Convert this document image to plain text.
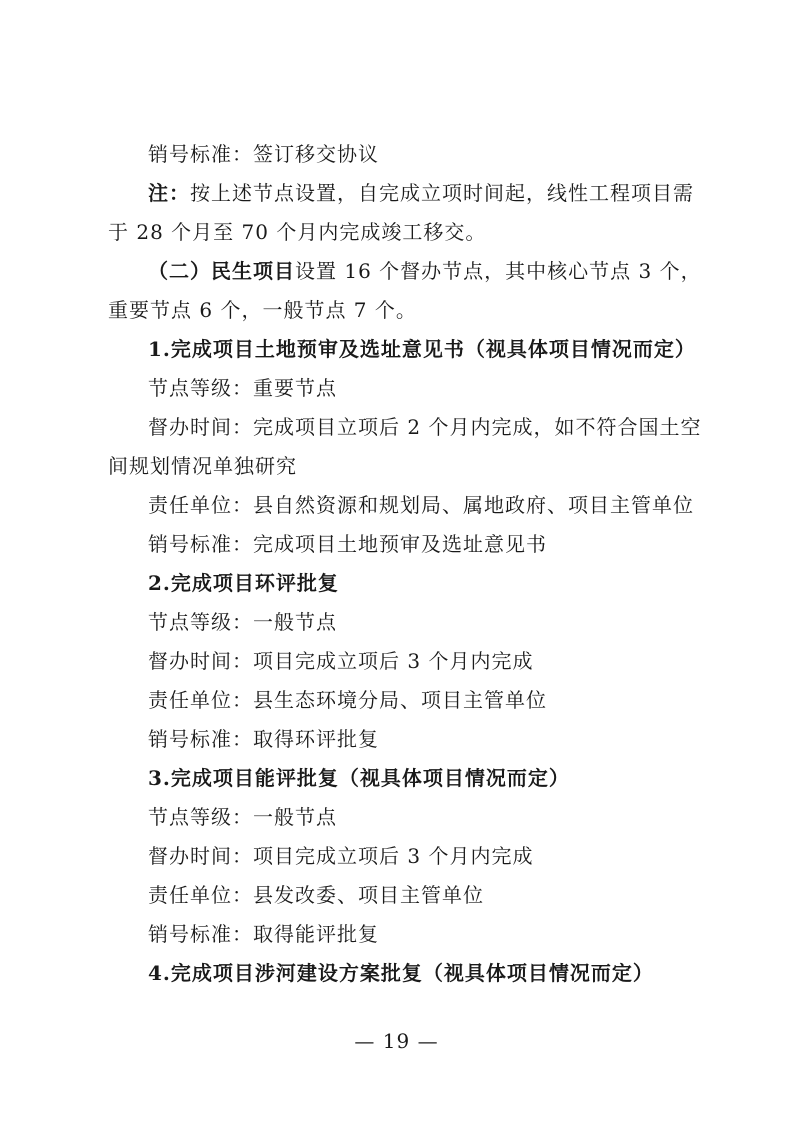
销号标准：签订移交协议
注：按上述节点设置，自完成立项时间起，线性工程项目需
于 28 个月至 70 个月内完成竣工移交。
（二）民生项目设置 16 个督办节点，其中核心节点 3 个，
重要节点 6 个，一般节点 7 个。
1.完成项目土地预审及选址意见书（视具体项目情况而定）
节点等级：重要节点
督办时间：完成项目立项后 2 个月内完成，如不符合国土空
间规划情况单独研究
责任单位：县自然资源和规划局、属地政府、项目主管单位
销号标准：完成项目土地预审及选址意见书
2.完成项目环评批复
节点等级：一般节点
督办时间：项目完成立项后 3 个月内完成
责任单位：县生态环境分局、项目主管单位
销号标准：取得环评批复
3.完成项目能评批复（视具体项目情况而定）
节点等级：一般节点
督办时间：项目完成立项后 3 个月内完成
责任单位：县发改委、项目主管单位
销号标准：取得能评批复
4.完成项目涉河建设方案批复（视具体项目情况而定）
— 19 —
